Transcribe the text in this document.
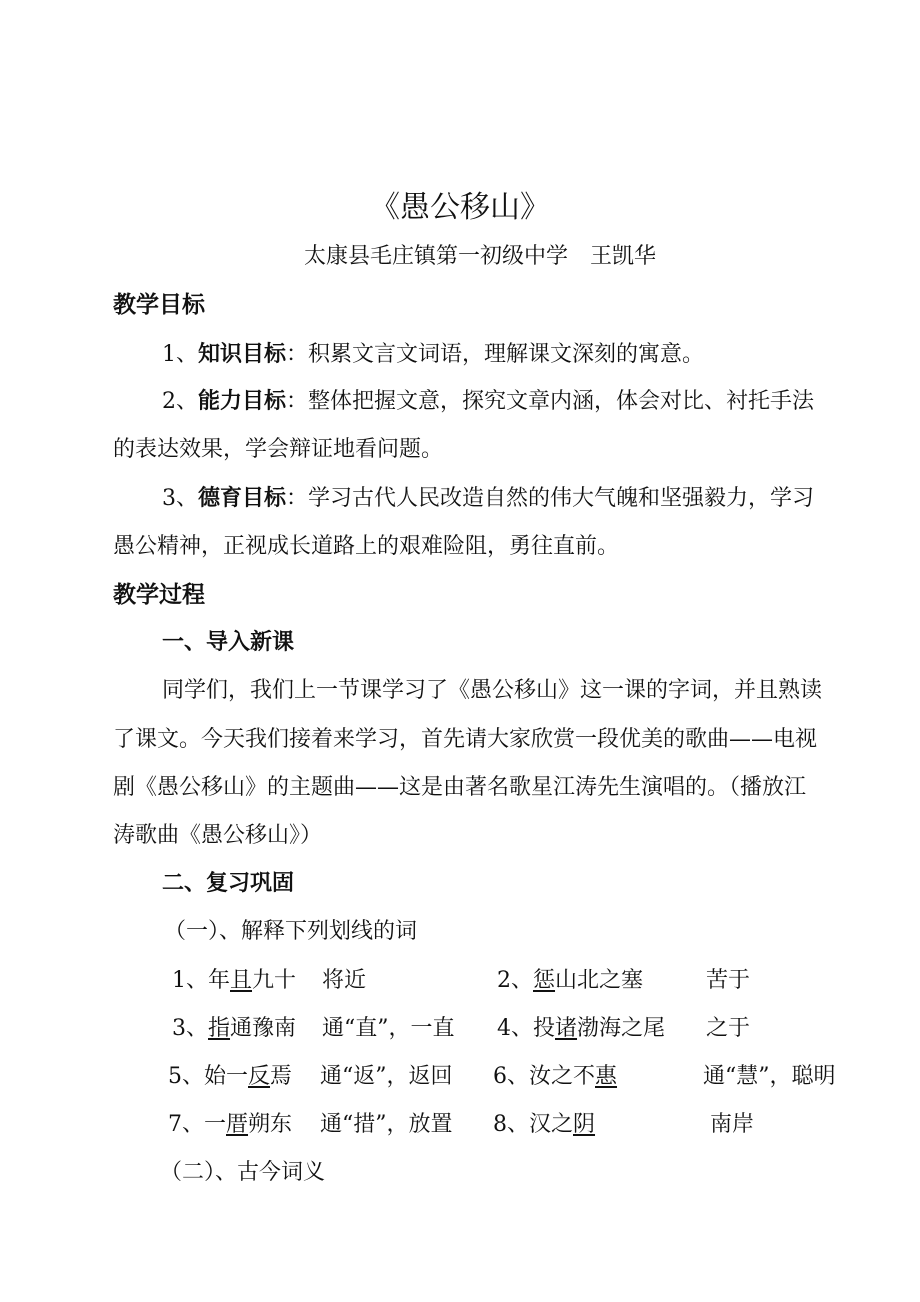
《愚公移山》
太康县毛庄镇第一初级中学　王凯华
教学目标
1、知识目标：积累文言文词语，理解课文深刻的寓意。
2、能力目标：整体把握文意，探究文章内涵，体会对比、衬托手法
的表达效果，学会辩证地看问题。
3、德育目标：学习古代人民改造自然的伟大气魄和坚强毅力，学习
愚公精神，正视成长道路上的艰难险阻，勇往直前。
教学过程
一、导入新课
同学们，我们上一节课学习了《愚公移山》这一课的字词，并且熟读
了课文。今天我们接着来学习，首先请大家欣赏一段优美的歌曲——电视
剧《愚公移山》的主题曲——这是由著名歌星江涛先生演唱的。（播放江
涛歌曲《愚公移山》）
二、复习巩固
（一）、解释下列划线的词
1、年且九十 将近	2、惩山北之塞	苦于
3、指通豫南 通“直”，一直 4、投诸渤海之尾 之于
5、始一反焉 通“返”，返回 6、汝之不惠	通“慧”，聪明
7、一厝朔东 通“措”，放置 8、汉之阴	南岸
（二）、古今词义
